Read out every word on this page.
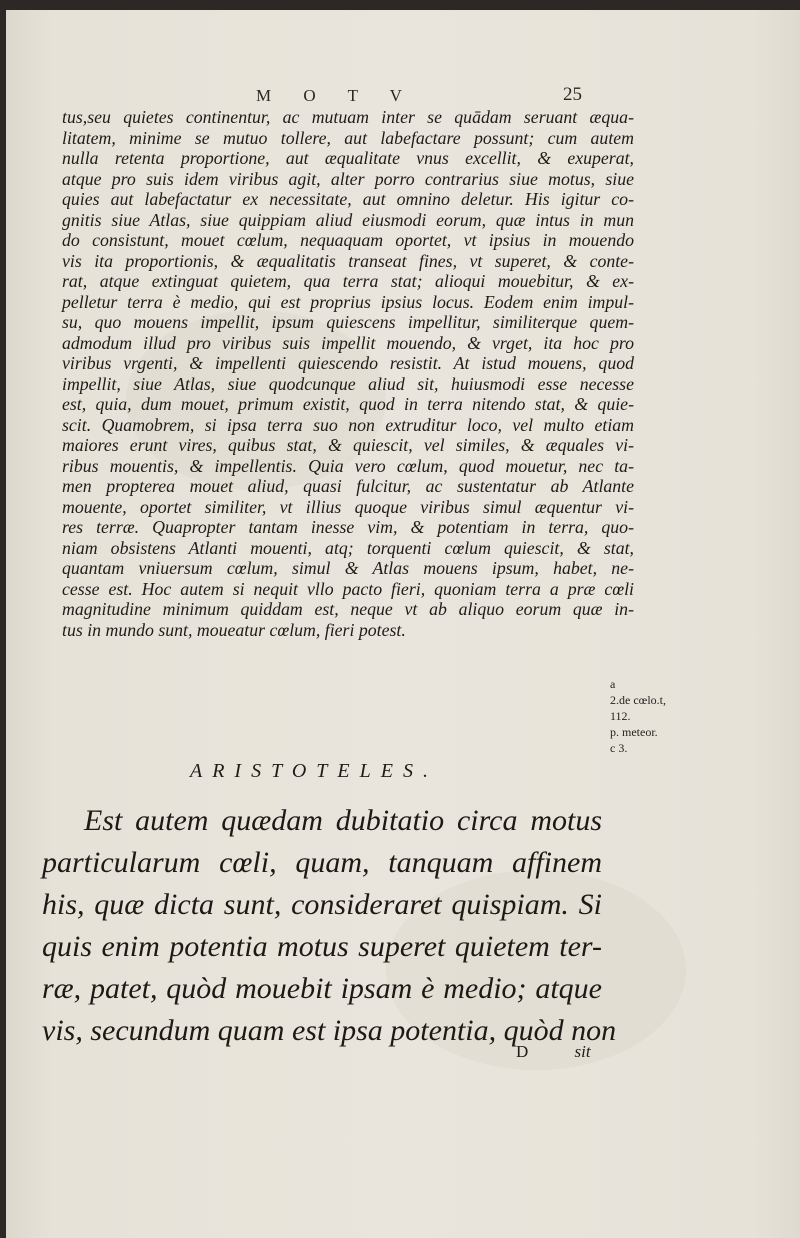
M O T V	25
tus,seu quietes continentur, ac mutuam inter se quādam seruant æqua-
litatem, minime se mutuo tollere, aut labefactare possunt; cum autem
nulla retenta proportione, aut æqualitate vnus excellit, & exuperat,
atque pro suis idem viribus agit, alter porro contrarius siue motus, siue
quies aut labefactatur ex necessitate, aut omnino deletur. His igitur co-
gnitis siue Atlas, siue quippiam aliud eiusmodi eorum, quæ intus in mun
do consistunt, mouet cœlum, nequaquam oportet, vt ipsius in mouendo
vis ita proportionis, & æqualitatis transeat fines, vt superet, & conte-
rat, atque extinguat quietem, qua terra stat; alioqui mouebitur, & ex-
pelletur terra è medio, qui est proprius ipsius locus. Eodem enim impul-
su, quo mouens impellit, ipsum quiescens impellitur, similiterque quem-
admodum illud pro viribus suis impellit mouendo, & vrget, ita hoc pro
viribus vrgenti, & impellenti quiescendo resistit. At istud mouens, quod
impellit, siue Atlas, siue quodcunque aliud sit, huiusmodi esse necesse
est, quia, dum mouet, primum existit, quod in terra nitendo stat, & quie-
scit. Quamobrem, si ipsa terra suo non extruditur loco, vel multo etiam
maiores erunt vires, quibus stat, & quiescit, vel similes, & æquales vi-
ribus mouentis, & impellentis. Quia vero cœlum, quod mouetur, nec ta-
men propterea mouet aliud, quasi fulcitur, ac sustentatur ab Atlante
mouente, oportet similiter, vt illius quoque viribus simul æquentur vi-
res terræ. Quapropter tantam inesse vim, & potentiam in terra, quo-
niam obsistens Atlanti mouenti, atq; torquenti cœlum quiescit, & stat,
quantam vniuersum cœlum, simul & Atlas mouens ipsum, habet, ne-
cesse est. Hoc autem si nequit vllo pacto fieri, quoniam terra a præ cœli
magnitudine minimum quiddam est, neque vt ab aliquo eorum quæ in-
tus in mundo sunt, moueatur cœlum, fieri potest.
a
2.de cœlo.t,
112.
p. meteor.
c 3.
ARISTOTELES.
Est autem quædam dubitatio circa motus
particularum cœli, quam, tanquam affinem
his, quæ dicta sunt, consideraret quispiam. Si
quis enim potentia motus superet quietem ter-
ræ, patet, quòd mouebit ipsam è medio; atque
vis, secundum quam est ipsa potentia, quòd non
D	sit
